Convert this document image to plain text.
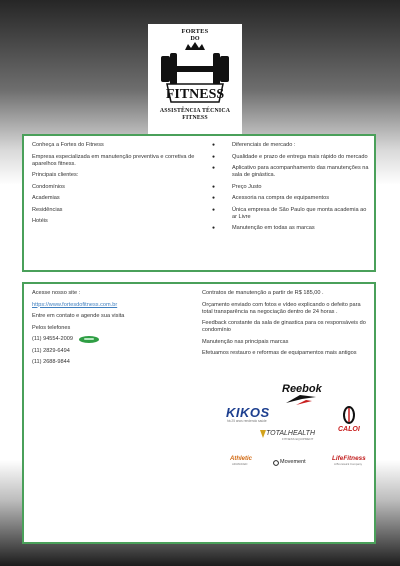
FORTES
DO
FITNESS
ASSISTÊNCIA TÉCNICA
FITNESS
Conheça a Fortes do Fitness
Empresa especializada em manutenção preventiva e corretiva de aparelhos fitness.
Principais clientes:
Condomínios
Academias
Residências
Hotéis
● Diferenciais de mercado :
● Qualidade e prazo de entrega mais rápido do mercado
● Aplicativo para acompanhamento das manutenções na sala de ginástica.
● Preço Justo
● Acessoria na compra de equipamentos
● Única empresa de São Paulo que monta academia ao ar Livre
● Manutenção em todas as marcas
Acesse nosso site :
https://www.fortesdofitness.com.br
Entre em contato e agende sua visita
Pelos telefones
(11) 94554-2009
(11) 2829-6494
(11) 2688-9844
Contratos de manutenção a partir de R$ 185,00 .
Orçamento enviado com fotos e vídeo explicando o defeito para total transparência na negociação dentro de 24 horas .
Feedback constante da sala de ginastica para os responsáveis do condomínio
Manutenção nas principais marcas
Efetuamos restauro e reformas de equipamentos mais antigos
Reebok
KIKOS
há 25 anos rendendo saúde
CALOI
TOTALHEALTH
FITNESS EQUIPMENT
Athletic
ADVANCED	Movement	LifeFitness
A Brunswick Company
